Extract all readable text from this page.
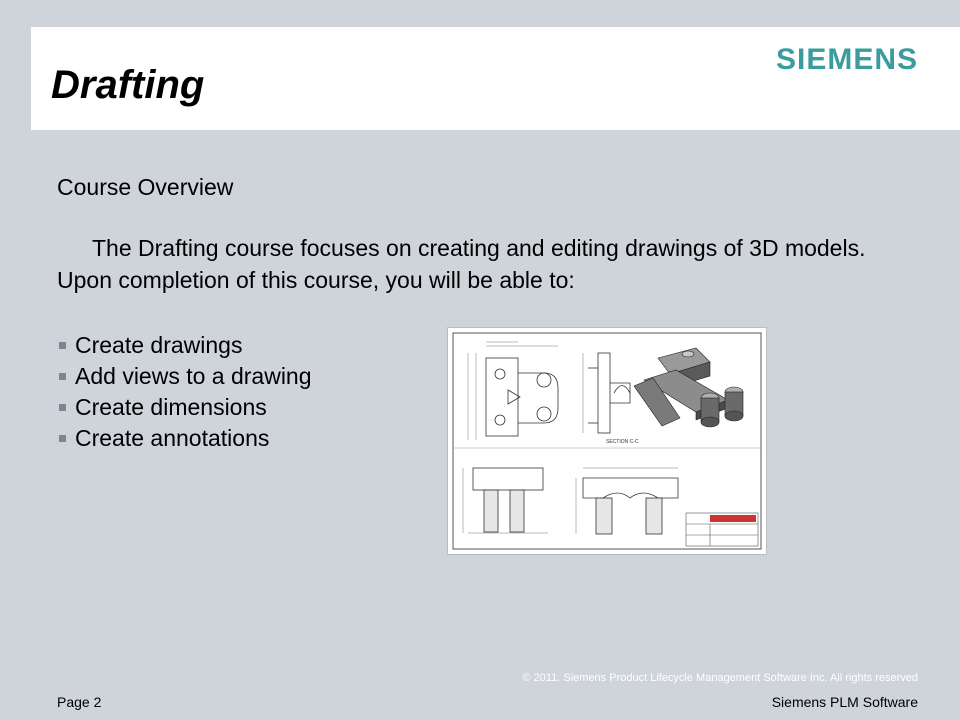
Drafting
SIEMENS
Course Overview

The Drafting course focuses on creating and editing drawings of 3D models. Upon completion of this course, you will be able to:

Create drawings
Add views to a drawing
Create dimensions
Create annotations	SECTION C-C
© 2011. Siemens Product Lifecycle Management Software Inc. All rights reserved
Page 2	Siemens PLM Software
